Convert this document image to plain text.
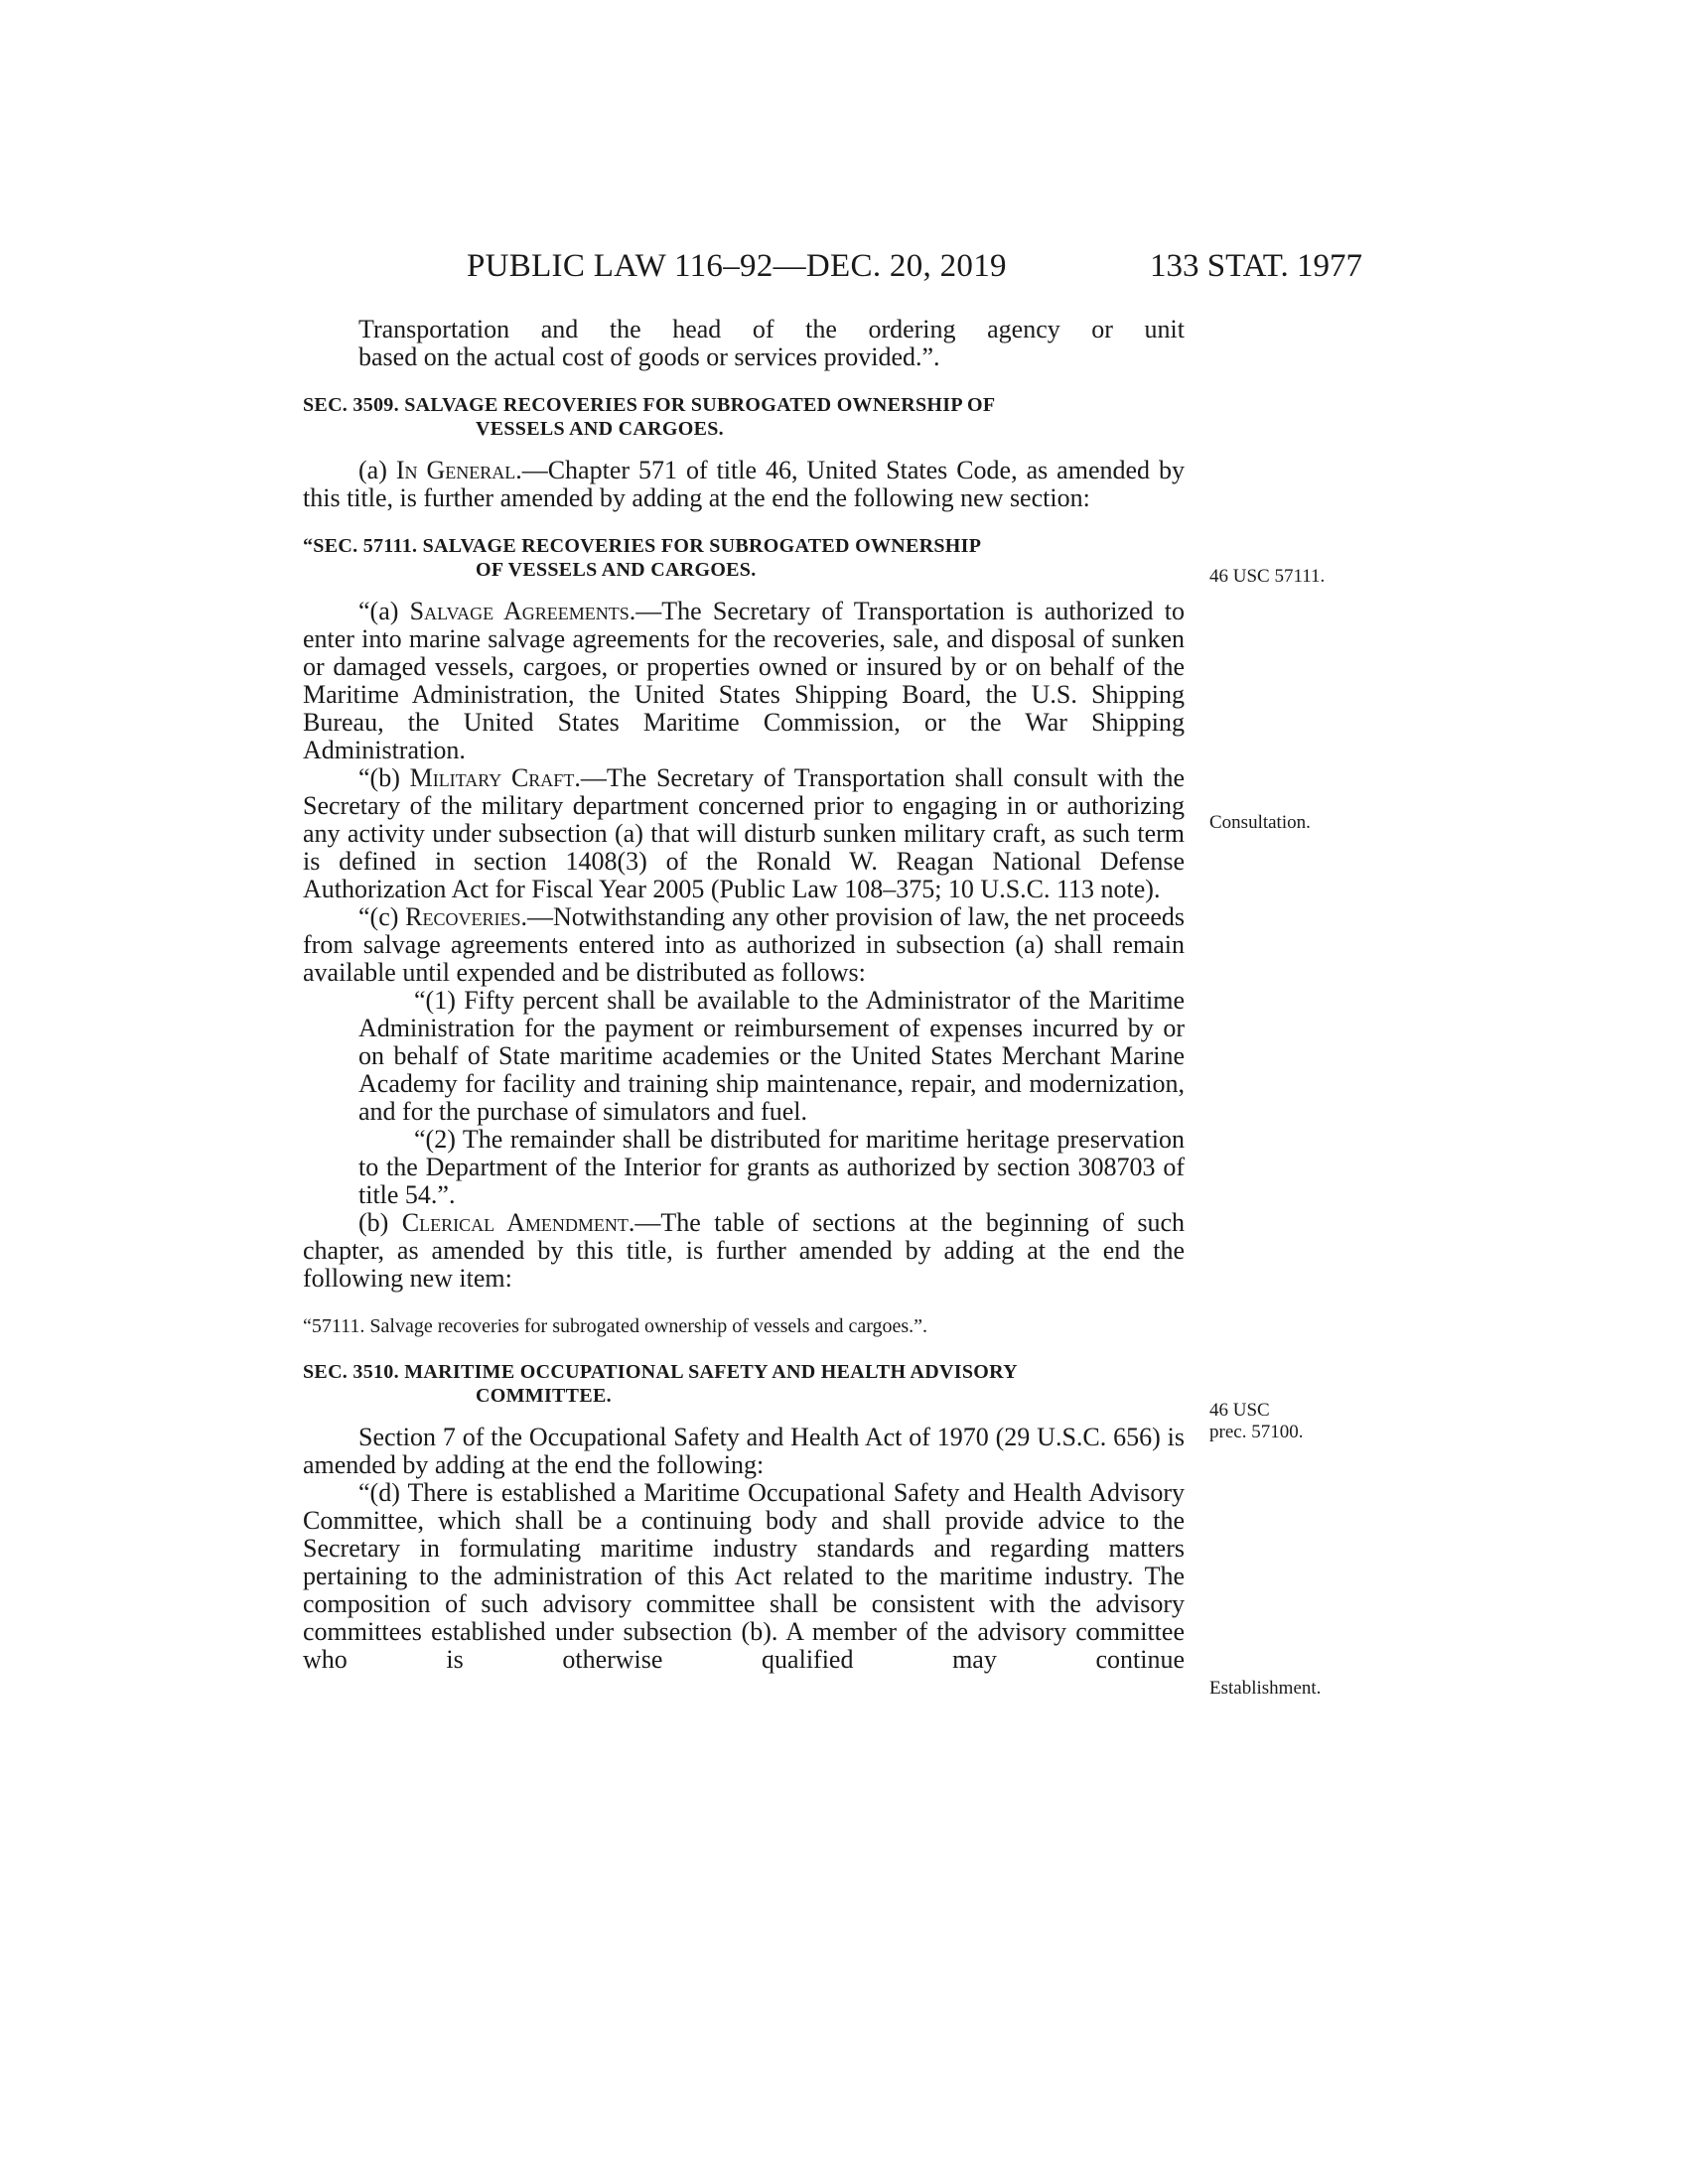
PUBLIC LAW 116–92—DEC. 20, 2019	133 STAT. 1977

Transportation and the head of the ordering agency or unit

based on the actual cost of goods or services provided.”.

SEC. 3509. SALVAGE RECOVERIES FOR SUBROGATED OWNERSHIP OF
VESSELS AND CARGOES.

(a) In General.—Chapter 571 of title 46, United States Code, as amended by this title, is further amended by adding at the end the following new section:

“SEC. 57111. SALVAGE RECOVERIES FOR SUBROGATED OWNERSHIP
OF VESSELS AND CARGOES.

“(a) Salvage Agreements.—The Secretary of Transportation is authorized to enter into marine salvage agreements for the recoveries, sale, and disposal of sunken or damaged vessels, cargoes, or properties owned or insured by or on behalf of the Maritime Administration, the United States Shipping Board, the U.S. Shipping Bureau, the United States Maritime Commission, or the War Shipping Administration.

“(b) Military Craft.—The Secretary of Transportation shall consult with the Secretary of the military department concerned prior to engaging in or authorizing any activity under subsection (a) that will disturb sunken military craft, as such term is defined in section 1408(3) of the Ronald W. Reagan National Defense Authorization Act for Fiscal Year 2005 (Public Law 108–375; 10 U.S.C. 113 note).

“(c) Recoveries.—Notwithstanding any other provision of law, the net proceeds from salvage agreements entered into as authorized in subsection (a) shall remain available until expended and be distributed as follows:

“(1) Fifty percent shall be available to the Administrator of the Maritime Administration for the payment or reimbursement of expenses incurred by or on behalf of State maritime academies or the United States Merchant Marine Academy for facility and training ship maintenance, repair, and modernization, and for the purchase of simulators and fuel.

“(2) The remainder shall be distributed for maritime heritage preservation to the Department of the Interior for grants as authorized by section 308703 of title 54.”.

(b) Clerical Amendment.—The table of sections at the beginning of such chapter, as amended by this title, is further amended by adding at the end the following new item:

“57111. Salvage recoveries for subrogated ownership of vessels and cargoes.”.

SEC. 3510. MARITIME OCCUPATIONAL SAFETY AND HEALTH ADVISORY
COMMITTEE.

Section 7 of the Occupational Safety and Health Act of 1970 (29 U.S.C. 656) is amended by adding at the end the following:

“(d) There is established a Maritime Occupational Safety and Health Advisory Committee, which shall be a continuing body and shall provide advice to the Secretary in formulating maritime industry standards and regarding matters pertaining to the administration of this Act related to the maritime industry. The composition of such advisory committee shall be consistent with the advisory committees established under subsection (b). A member of the advisory committee who is otherwise qualified may continue

46 USC 57111.
Consultation.
46 USC
prec. 57100.
Establishment.
